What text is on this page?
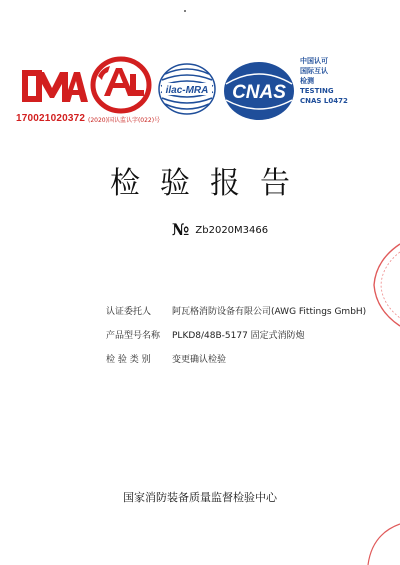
170021020372 (2020)国认监认字(022)号
ilac-MRA CNAS
中国认可
国际互认
检测
TESTING
CNAS L0472
检验报告
№ Zb2020M3466
认证委托人	阿瓦格消防设备有限公司(AWG Fittings GmbH)
产品型号名称	PLKD8/48B-5177 固定式消防炮
检 验 类 别	变更确认检验
国家消防装备质量监督检验中心
